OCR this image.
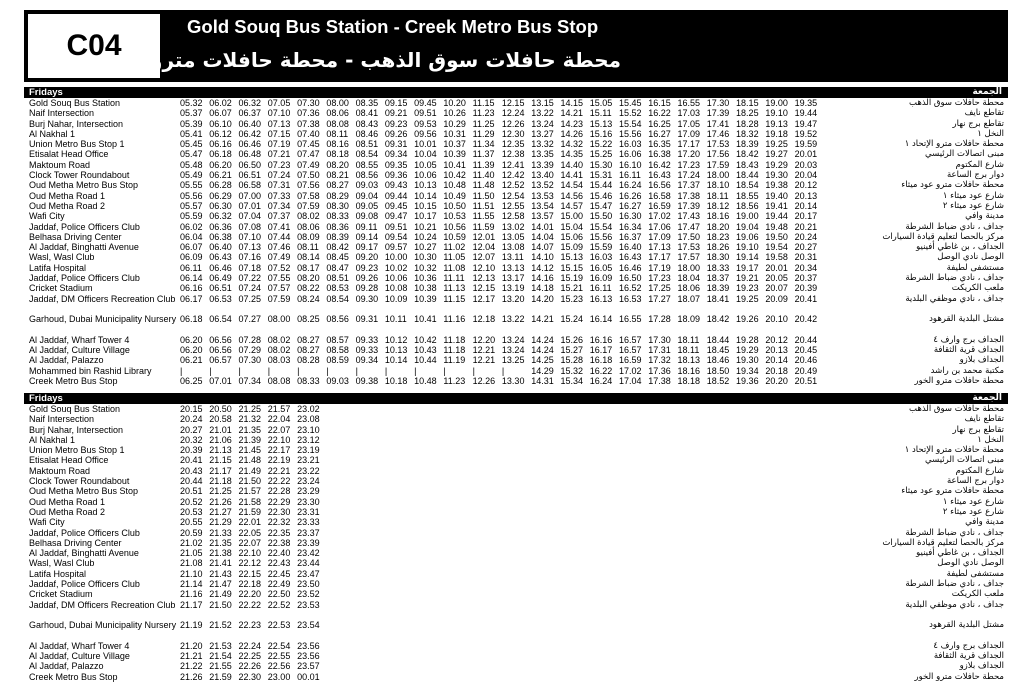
C04
Gold Souq Bus Station - Creek Metro Bus Stop
محطة حافلات سوق الذهب - محطة حافلات مترو الخور
Fridays	الجمعة
Gold Souq Bus Station	05.32 06.02 06.32 07.05 07.30 08.00 08.35 09.15 09.45 10.20 11.15 12.15 13.15 14.15 15.05 15.45 16.15 16.55 17.30 18.15 19.00 19.35	محطة حافلات سوق الذهب
Naif Intersection	05.37 06.07 06.37 07.10 07.36 08.06 08.41 09.21 09.51 10.26 11.23 12.24 13.22 14.21 15.11 15.52 16.22 17.03 17.39 18.25 19.10 19.44	تقاطع نايف
Burj Nahar, Intersection	05.39 06.10 06.40 07.13 07.38 08.08 08.43 09.23 09.53 10.29 11.25 12.26 13.24 14.23 15.13 15.54 16.25 17.05 17.41 18.28 19.13 19.47	تقاطع برج نهار
Al Nakhal 1	05.41 06.12 06.42 07.15 07.40 08.11 08.46 09.26 09.56 10.31 11.29 12.30 13.27 14.26 15.16 15.56 16.27 17.09 17.46 18.32 19.18 19.52	النخل ١
Union Metro Bus Stop 1	05.45 06.16 06.46 07.19 07.45 08.16 08.51 09.31 10.01 10.37 11.34 12.35 13.32 14.32 15.22 16.03 16.35 17.17 17.53 18.39 19.25 19.59	محطة حافلات مترو الإتحاد ١
Etisalat Head Office	05.47 06.18 06.48 07.21 07.47 08.18 08.54 09.34 10.04 10.39 11.37 12.38 13.35 14.35 15.25 16.06 16.38 17.20 17.56 18.42 19.27 20.01	مبنى اتصالات الرئيسي
Maktoum Road	05.48 06.20 06.50 07.23 07.49 08.20 08.55 09.35 10.05 10.41 11.39 12.41 13.39 14.40 15.30 16.10 16.42 17.23 17.59 18.43 19.29 20.03	شارع المكتوم
Clock Tower Roundabout	05.49 06.21 06.51 07.24 07.50 08.21 08.56 09.36 10.06 10.42 11.40 12.42 13.40 14.41 15.31 16.11 16.43 17.24 18.00 18.44 19.30 20.04	دوار برج الساعة
Oud Metha Metro Bus Stop	05.55 06.28 06.58 07.31 07.56 08.27 09.03 09.43 10.13 10.48 11.48 12.52 13.52 14.54 15.44 16.24 16.56 17.37 18.10 18.54 19.38 20.12	محطة حافلات مترو عود ميثاء
Oud Metha Road 1	05.56 06.29 07.00 07.33 07.58 08.29 09.04 09.44 10.14 10.49 11.50 12.54 13.53 14.56 15.46 16.26 16.58 17.38 18.11 18.55 19.40 20.13	شارع عود ميثاء ١
Oud Metha Road 2	05.57 06.30 07.01 07.34 07.59 08.30 09.05 09.45 10.15 10.50 11.51 12.55 13.54 14.57 15.47 16.27 16.59 17.39 18.12 18.56 19.41 20.14	شارع عود ميثاء ٢
Wafi City	05.59 06.32 07.04 07.37 08.02 08.33 09.08 09.47 10.17 10.53 11.55 12.58 13.57 15.00 15.50 16.30 17.02 17.43 18.16 19.00 19.44 20.17	مدينة وافي
Jaddaf, Police Officers Club	06.02 06.36 07.08 07.41 08.06 08.36 09.11 09.51 10.21 10.56 11.59 13.02 14.01 15.04 15.54 16.34 17.06 17.47 18.20 19.04 19.48 20.21	جداف ، نادي ضباط الشرطة
Belhasa Driving Center	06.04 06.38 07.10 07.44 08.09 08.39 09.14 09.54 10.24 10.59 12.01 13.05 14.04 15.06 15.56 16.37 17.09 17.50 18.23 19.06 19.50 20.24	مركز بالحصا لتعليم قيادة السيارات
Al Jaddaf, Binghatti Avenue	06.07 06.40 07.13 07.46 08.11 08.42 09.17 09.57 10.27 11.02 12.04 13.08 14.07 15.09 15.59 16.40 17.13 17.53 18.26 19.10 19.54 20.27	الجداف ، بن غاطي أفينيو
Wasl, Wasl Club	06.09 06.43 07.16 07.49 08.14 08.45 09.20 10.00 10.30 11.05 12.07 13.11 14.10 15.13 16.03 16.43 17.17 17.57 18.30 19.14 19.58 20.31	الوصل نادي الوصل
Latifa Hospital	06.11 06.46 07.18 07.52 08.17 08.47 09.23 10.02 10.32 11.08 12.10 13.13 14.12 15.15 16.05 16.46 17.19 18.00 18.33 19.17 20.01 20.34	مستشفى لطيفة
Jaddaf, Police Officers Club	06.14 06.49 07.22 07.55 08.20 08.51 09.26 10.06 10.36 11.11 12.13 13.17 14.16 15.19 16.09 16.50 17.23 18.04 18.37 19.21 20.05 20.37	جداف ، نادي ضباط الشرطة
Cricket Stadium	06.16 06.51 07.24 07.57 08.22 08.53 09.28 10.08 10.38 11.13 12.15 13.19 14.18 15.21 16.11 16.52 17.25 18.06 18.39 19.23 20.07 20.39	ملعب الكريكت
Jaddaf, DM Officers Recreation Club 06.17 06.53 07.25 07.59 08.24 08.54 09.30 10.09 10.39 11.15 12.17 13.20 14.20 15.23 16.13 16.53 17.27 18.07 18.41 19.25 20.09 20.41	جداف ، نادي موظفي البلدية
Garhoud, Dubai Municipality Nursery 06.18 06.54 07.27 08.00 08.25 08.56 09.31 10.11 10.41 11.16 12.18 13.22 14.21 15.24 16.14 16.55 17.28 18.09 18.42 19.26 20.10 20.42	مشتل البلدية القرهود
Al Jaddaf, Wharf Tower 4	06.20 06.56 07.28 08.02 08.27 08.57 09.33 10.12 10.42 11.18 12.20 13.24 14.24 15.26 16.16 16.57 17.30 18.11 18.44 19.28 20.12 20.44	الجداف برج وارف ٤
Al Jaddaf, Culture Village	06.20 06.56 07.29 08.02 08.27 08.58 09.33 10.13 10.43 11.18 12.21 13.24 14.24 15.27 16.17 16.57 17.31 18.11 18.45 19.29 20.13 20.45	الجداف قرية الثقافة
Al Jaddaf, Palazzo	06.21 06.57 07.30 08.03 08.28 08.59 09.34 10.14 10.44 11.19 12.21 13.25 14.25 15.28 16.18 16.59 17.32 18.13 18.46 19.30 20.14 20.46	الجداف بلازو
Mohammed bin Rashid Library	|	|	|	|	|	|	|	|	|	|	|	|	14.29 15.32 16.22 17.02 17.36 18.16 18.50 19.34 20.18 20.49	مكتبة محمد بن راشد
Creek Metro Bus Stop	06.25 07.01 07.34 08.08 08.33 09.03 09.38 10.18 10.48 11.23 12.26 13.30 14.31 15.34 16.24 17.04 17.38 18.18 18.52 19.36 20.20 20.51	محطة حافلات مترو الخور
Fridays	الجمعة
Gold Souq Bus Station	20.15 20.50 21.25 21.57 23.02	محطة حافلات سوق الذهب
Naif Intersection	20.24 20.58 21.32 22.04 23.08	تقاطع نايف
Burj Nahar, Intersection	20.27 21.01 21.35 22.07 23.10	تقاطع برج نهار
Al Nakhal 1	20.32 21.06 21.39 22.10 23.12	النخل ١
Union Metro Bus Stop 1	20.39 21.13 21.45 22.17 23.19	محطة حافلات مترو الإتحاد ١
Etisalat Head Office	20.41 21.15 21.48 22.19 23.21	مبنى اتصالات الرئيسي
Maktoum Road	20.43 21.17 21.49 22.21 23.22	شارع المكتوم
Clock Tower Roundabout	20.44 21.18 21.50 22.22 23.24	دوار برج الساعة
Oud Metha Metro Bus Stop	20.51 21.25 21.57 22.28 23.29	محطة حافلات مترو عود ميثاء
Oud Metha Road 1	20.52 21.26 21.58 22.29 23.30	شارع عود ميثاء ١
Oud Metha Road 2	20.53 21.27 21.59 22.30 23.31	شارع عود ميثاء ٢
Wafi City	20.55 21.29 22.01 22.32 23.33	مدينة وافي
Jaddaf, Police Officers Club	20.59 21.33 22.05 22.35 23.37	جداف ، نادي ضباط الشرطة
Belhasa Driving Center	21.02 21.35 22.07 22.38 23.39	مركز بالحصا لتعليم قيادة السيارات
Al Jaddaf, Binghatti Avenue	21.05 21.38 22.10 22.40 23.42	الجداف ، بن غاطي أفينيو
Wasl, Wasl Club	21.08 21.41 22.12 22.43 23.44	الوصل نادي الوصل
Latifa Hospital	21.10 21.43 22.15 22.45 23.47	مستشفى لطيفة
Jaddaf, Police Officers Club	21.14 21.47 22.18 22.49 23.50	جداف ، نادي ضباط الشرطة
Cricket Stadium	21.16 21.49 22.20 22.50 23.52	ملعب الكريكت
Jaddaf, DM Officers Recreation Club 21.17 21.50 22.22 22.52 23.53	جداف ، نادي موظفي البلدية
Garhoud, Dubai Municipality Nursery 21.19 21.52 22.23 22.53 23.54	مشتل البلدية القرهود
Al Jaddaf, Wharf Tower 4	21.20 21.53 22.24 22.54 23.56	الجداف برج وارف ٤
Al Jaddaf, Culture Village	21.21 21.54 22.25 22.55 23.56	الجداف قرية الثقافة
Al Jaddaf, Palazzo	21.22 21.55 22.26 22.56 23.57	الجداف بلازو
Creek Metro Bus Stop	21.26 21.59 22.30 23.00 00.01	محطة حافلات مترو الخور
